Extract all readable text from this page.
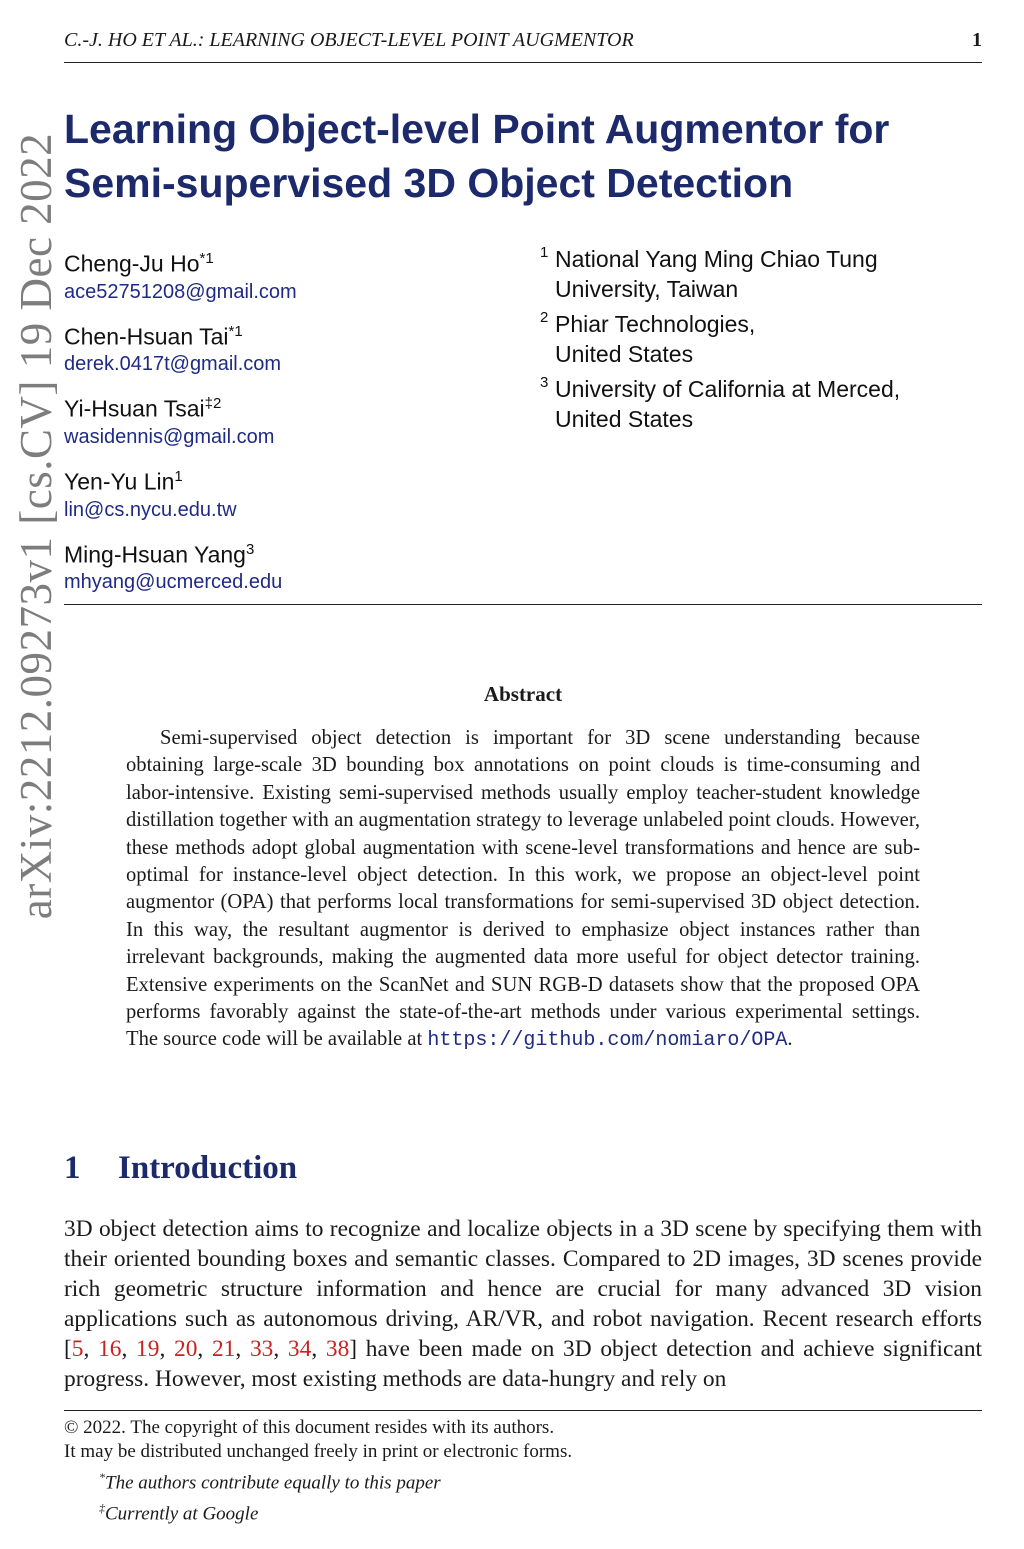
C.-J. HO ET AL.: LEARNING OBJECT-LEVEL POINT AUGMENTOR	1
arXiv:2212.09273v1 [cs.CV] 19 Dec 2022
Learning Object-level Point Augmentor for
Semi-supervised 3D Object Detection
Cheng-Ju Ho$^{*1}$
ace52751208@gmail.com
Chen-Hsuan Tai$^{*1}$
derek.0417t@gmail.com
Yi-Hsuan Tsai$^{\ddagger 2}$
wasidennis@gmail.com
Yen-Yu Lin$^1$
lin@cs.nycu.edu.tw
Ming-Hsuan Yang$^3$
mhyang@ucmerced.edu
1 National Yang Ming Chiao Tung
University, Taiwan
2 Phiar Technologies,
United States
3 University of California at Merced,
United States
Abstract
Semi-supervised object detection is important for 3D scene understanding because obtaining large-scale 3D bounding box annotations on point clouds is time-consuming and labor-intensive. Existing semi-supervised methods usually employ teacher-student knowledge distillation together with an augmentation strategy to leverage unlabeled point clouds. However, these methods adopt global augmentation with scene-level transformations and hence are sub-optimal for instance-level object detection. In this work, we propose an object-level point augmentor (OPA) that performs local transformations for semi-supervised 3D object detection. In this way, the resultant augmentor is derived to emphasize object instances rather than irrelevant backgrounds, making the augmented data more useful for object detector training. Extensive experiments on the ScanNet and SUN RGB-D datasets show that the proposed OPA performs favorably against the state-of-the-art methods under various experimental settings. The source code will be available at https://github.com/nomiaro/OPA.
1 Introduction
3D object detection aims to recognize and localize objects in a 3D scene by specifying them with their oriented bounding boxes and semantic classes. Compared to 2D images, 3D scenes provide rich geometric structure information and hence are crucial for many advanced 3D vision applications such as autonomous driving, AR/VR, and robot navigation. Recent research efforts [5, 16, 19, 20, 21, 33, 34, 38] have been made on 3D object detection and achieve significant progress. However, most existing methods are data-hungry and rely on
© 2022. The copyright of this document resides with its authors.
It may be distributed unchanged freely in print or electronic forms.
*The authors contribute equally to this paper
‡Currently at Google
